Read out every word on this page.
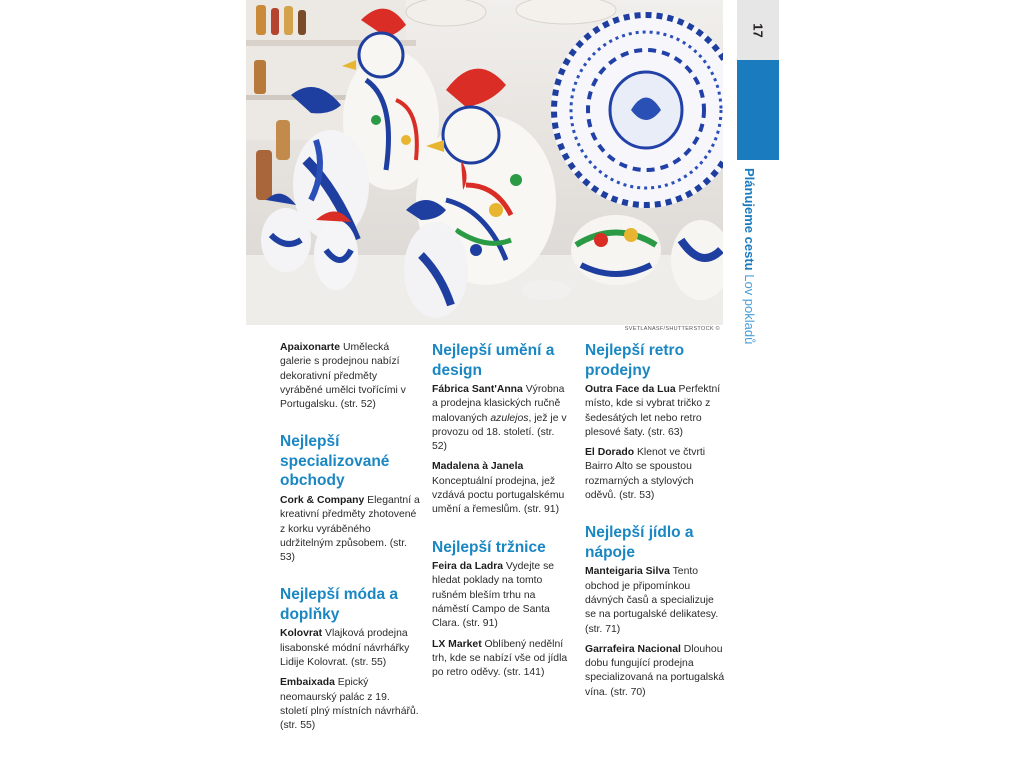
SVETLANASF/SHUTTERSTOCK ©
17
Plánujeme cestu Lov pokladů

Apaixonarte Umělecká galerie s prodejnou nabízí dekorativní předměty vyráběné umělci tvořícími v Portugalsku. (str. 52)

Nejlepší specializované obchody

Cork & Company Elegantní a kreativní předměty zhotovené z korku vyráběného udržitelným způsobem. (str. 53)

Nejlepší móda a doplňky

Kolovrat Vlajková prodejna lisabonské módní návrhářky Lidije Kolovrat. (str. 55)

Embaixada Epický neomaurský palác z 19. století plný místních návrhářů. (str. 55)

Nejlepší umění a design

Fábrica Sant'Anna Výrobna a prodejna klasických ručně malovaných azulejos, jež je v provozu od 18. století. (str. 52)

Madalena à Janela Konceptuální prodejna, jež vzdává poctu portugalskému umění a řemeslům. (str. 91)

Nejlepší tržnice

Feira da Ladra Vydejte se hledat poklady na tomto rušném bleším trhu na náměstí Campo de Santa Clara. (str. 91)

LX Market Oblíbený nedělní trh, kde se nabízí vše od jídla po retro oděvy. (str. 141)

Nejlepší retro prodejny

Outra Face da Lua Perfektní místo, kde si vybrat tričko z šedesátých let nebo retro plesové šaty. (str. 63)

El Dorado Klenot ve čtvrti Bairro Alto se spoustou rozmarných a stylových oděvů. (str. 53)

Nejlepší jídlo a nápoje

Manteigaria Silva Tento obchod je připomínkou dávných časů a specializuje se na portugalské delikatesy. (str. 71)

Garrafeira Nacional Dlouhou dobu fungující prodejna specializovaná na portugalská vína. (str. 70)
